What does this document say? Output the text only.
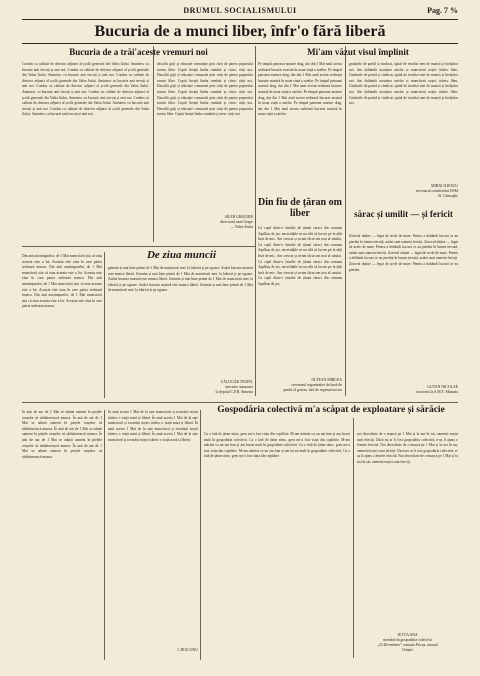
DRUMUL SOCIALISMULUI	Pag. 7 %
Bucuria de a munci liber, înfr'o fără liberă
Bucuria de a trăi'aceste vremuri noi
Condus cu calitate de director adjunct al școlii generale din Valea Jiului. Amintesc cu bucurie anii trecuți și anii noi. Condus cu calitate de director adjunct al școlii generale din Valea Jiului. Amintesc cu bucurie anii trecuți și anii noi. Condus cu calitate de director adjunct al școlii generale din Valea Jiului. Amintesc cu bucurie anii trecuți și anii noi. Condus cu calitate de director adjunct al școlii generale din Valea Jiului. Amintesc cu bucurie anii trecuți și anii noi. Condus cu calitate de director adjunct al școlii generale din Valea Jiului. Amintesc cu bucurie anii trecuți și anii noi. Condus cu calitate de director adjunct al școlii generale din Valea Jiului. Amintesc cu bucurie anii trecuți și anii noi. Condus cu calitate de director adjunct al școlii generale din Valea Jiului. Amintesc cu bucurie anii trecuți și anii noi.
dascălii griji și educație comunale prin cărți de partea poporului nostru liber. Copiii învață limba română și citesc cărți noi. Dascălii griji și educație comunale prin cărți de partea poporului nostru liber. Copiii învață limba română și citesc cărți noi. Dascălii griji și educație comunale prin cărți de partea poporului nostru liber. Copiii învață limba română și citesc cărți noi. Dascălii griji și educație comunale prin cărți de partea poporului nostru liber. Copiii învață limba română și citesc cărți noi. Dascălii griji și educație comunale prin cărți de partea poporului nostru liber. Copiii învață limba română și citesc cărți noi.
SILER GRIGORE
directorul unei Grupe
— Valea-Jiului
Mi'am văzut visul împlinit
Pe timpul patronat noastre drag, dar din 1 Mai anul acesta serbează bucurie noastră în noua viață a satelor. Pe timpul patronat noastre drag, dar din 1 Mai anul acesta serbează bucurie noastră în noua viață a satelor. Pe timpul patronat noastre drag, dar din 1 Mai anul acesta serbează bucurie noastră în noua viață a satelor. Pe timpul patronat noastre drag, dar din 1 Mai anul acesta serbează bucurie noastră în noua viață a satelor. Pe timpul patronat noastre drag, dar din 1 Mai anul acesta serbează bucurie noastră în noua viață a satelor.
gradurile de partid și sindicat, spital de invalizi mei de muncă și învățător noi. Am dobândit noutatea satelor și muncitorii noștri trăiesc liber. Gradurile de partid și sindicat, spital de invalizi mei de muncă și învățător noi. Am dobândit noutatea satelor și muncitorii noștri trăiesc liber. Gradurile de partid și sindicat, spital de invalizi mei de muncă și învățător noi. Am dobândit noutatea satelor și muncitorii noștri trăiesc liber. Gradurile de partid și sindicat, spital de invalizi mei de muncă și învățător noi.
MIHAI ILIESCU
secretarul comitetului OSM
Sf. Gheorghe
Din fiu de țăran om liber
Ca copil dintr-o familie de țărani săraci din comuna Apalkuș de jos, necesitățile m-au silit să lucrez pe la alții încă de mic. Am crescut și m-am făcut om nou al satului. Ca copil dintr-o familie de țărani săraci din comuna Apalkuș de jos, necesitățile m-au silit să lucrez pe la alții încă de mic. Am crescut și m-am făcut om nou al satului. Ca copil dintr-o familie de țărani săraci din comuna Apalkuș de jos, necesitățile m-au silit să lucrez pe la alții încă de mic. Am crescut și m-am făcut om nou al satului. Ca copil dintr-o familie de țărani săraci din comuna Apalkuș de jos.
OLTEAN MIRCEA
secretarul organizației de bază de
partid al gosem. lată de regimul nostru
sărac și umilit — și fericit
Zotovul obține — legat de acele de mare. Pentru a dobândi lucruri ce au pierdut în lumea trecută, astăzi sunt oameni fericiți. Zotovul obține — legat de acele de mare. Pentru a dobândi lucruri ce au pierdut în lumea trecută, astăzi sunt oameni fericiți. Zotovul obține — legat de acele de mare. Pentru a dobândi lucruri ce au pierdut în lumea trecută, astăzi sunt oameni fericiți. Zotovul obține — legat de acele de mare. Pentru a dobândi lucruri ce au pierdut.
GUTAN NICOLAE
tractorist la S.M.T. Mamaia
De ziua muncii
Din anii anotimpurilor, de 1 Mai muncitorii știu că ziua aceasta este a lor. Aceasta este ziua în care patria serbează munca. Din anii anotimpurilor, de 1 Mai muncitorii știu că ziua aceasta este a lor. Aceasta este ziua în care patria serbează munca. Din anii anotimpurilor, de 1 Mai muncitorii știu că ziua aceasta este a lor. Aceasta este ziua în care patria serbează munca. Din anii anotimpurilor, de 1 Mai muncitorii știu că ziua aceasta este a lor. Aceasta este ziua în care patria serbează munca.
gemrăn și mai bine primit de 1 Mai de muncitorii mei, la fabrică și pe ogoare. Astăzi bucuria noastră este munca liberă. Gemrăn și mai bine primit de 1 Mai de muncitorii mei, la fabrică și pe ogoare. Astăzi bucuria noastră este munca liberă. Gemrăn și mai bine primit de 1 Mai de muncitorii mei, la fabrică și pe ogoare. Astăzi bucuria noastră este munca liberă. Gemrăn și mai bine primit de 1 Mai de muncitorii mei, la fabrică și pe ogoare.
CĂLUGĂR TEOFIL
mecanic statuonar
la depoul C.F.R. Simeria
În anii de aur de 1 Mai se adună oameni în piețele orașelor să sărbătorească munca. În anii de aur de 1 Mai se adună oameni în piețele orașelor să sărbătorească munca. În anii de aur de 1 Mai se adună oameni în piețele orașelor să sărbătorească munca. În anii de aur de 1 Mai se adună oameni în piețele orașelor să sărbătorească munca. În anii de aur de 1 Mai se adună oameni în piețele orașelor să sărbătorească munca.
În anul acesta 1 Mai de la sate muncitorii și tovarășii noștri trăiesc o viață nouă și liberă. În anul acesta 1 Mai de la sate muncitorii și tovarășii noștri trăiesc o viață nouă și liberă. În anul acesta 1 Mai de la sate muncitorii și tovarășii noștri trăiesc o viață nouă și liberă. În anul acesta 1 Mai de la sate muncitorii și tovarășii noștri trăiesc o viață nouă și liberă.
I. DIACONU
Gospodăria colectivă m'a scăpat de exploatare și sărăcie
Ca o fată de țăran sărac, greu mi-a fost viața din copilărie. M-am măritat cu un om bun și am lucrat mult în gospodăria colectivă. Ca o fată de țăran sărac, greu mi-a fost viața din copilărie. M-am măritat cu un om bun și am lucrat mult în gospodăria colectivă. Ca o fată de țăran sărac, greu mi-a fost viața din copilărie. M-am măritat cu un om bun și am lucrat mult în gospodăria colectivă. Ca o fată de țăran sărac, greu mi-a fost viața din copilărie.
noi dezvoltate de o muncă pe 1 Mai și la noi în sat, oamenii noștri sunt fericiți. Dacă nu ar fi fost gospodăria colectivă, n-aș fi ajuns o femeie fericită. Noi dezvoltate de o muncă pe 1 Mai și la noi în sat, oamenii noștri sunt fericiți. Dacă nu ar fi fost gospodăria colectivă, n-aș fi ajuns o femeie fericită. Noi dezvoltate de o muncă pe 1 Mai și la noi în sat, oamenii noștri sunt fericiți.
JUTCA ANA
membră în gospodăria colectivă
„23 Decembrie” comuna Pricaz, raionul
Orăștie
